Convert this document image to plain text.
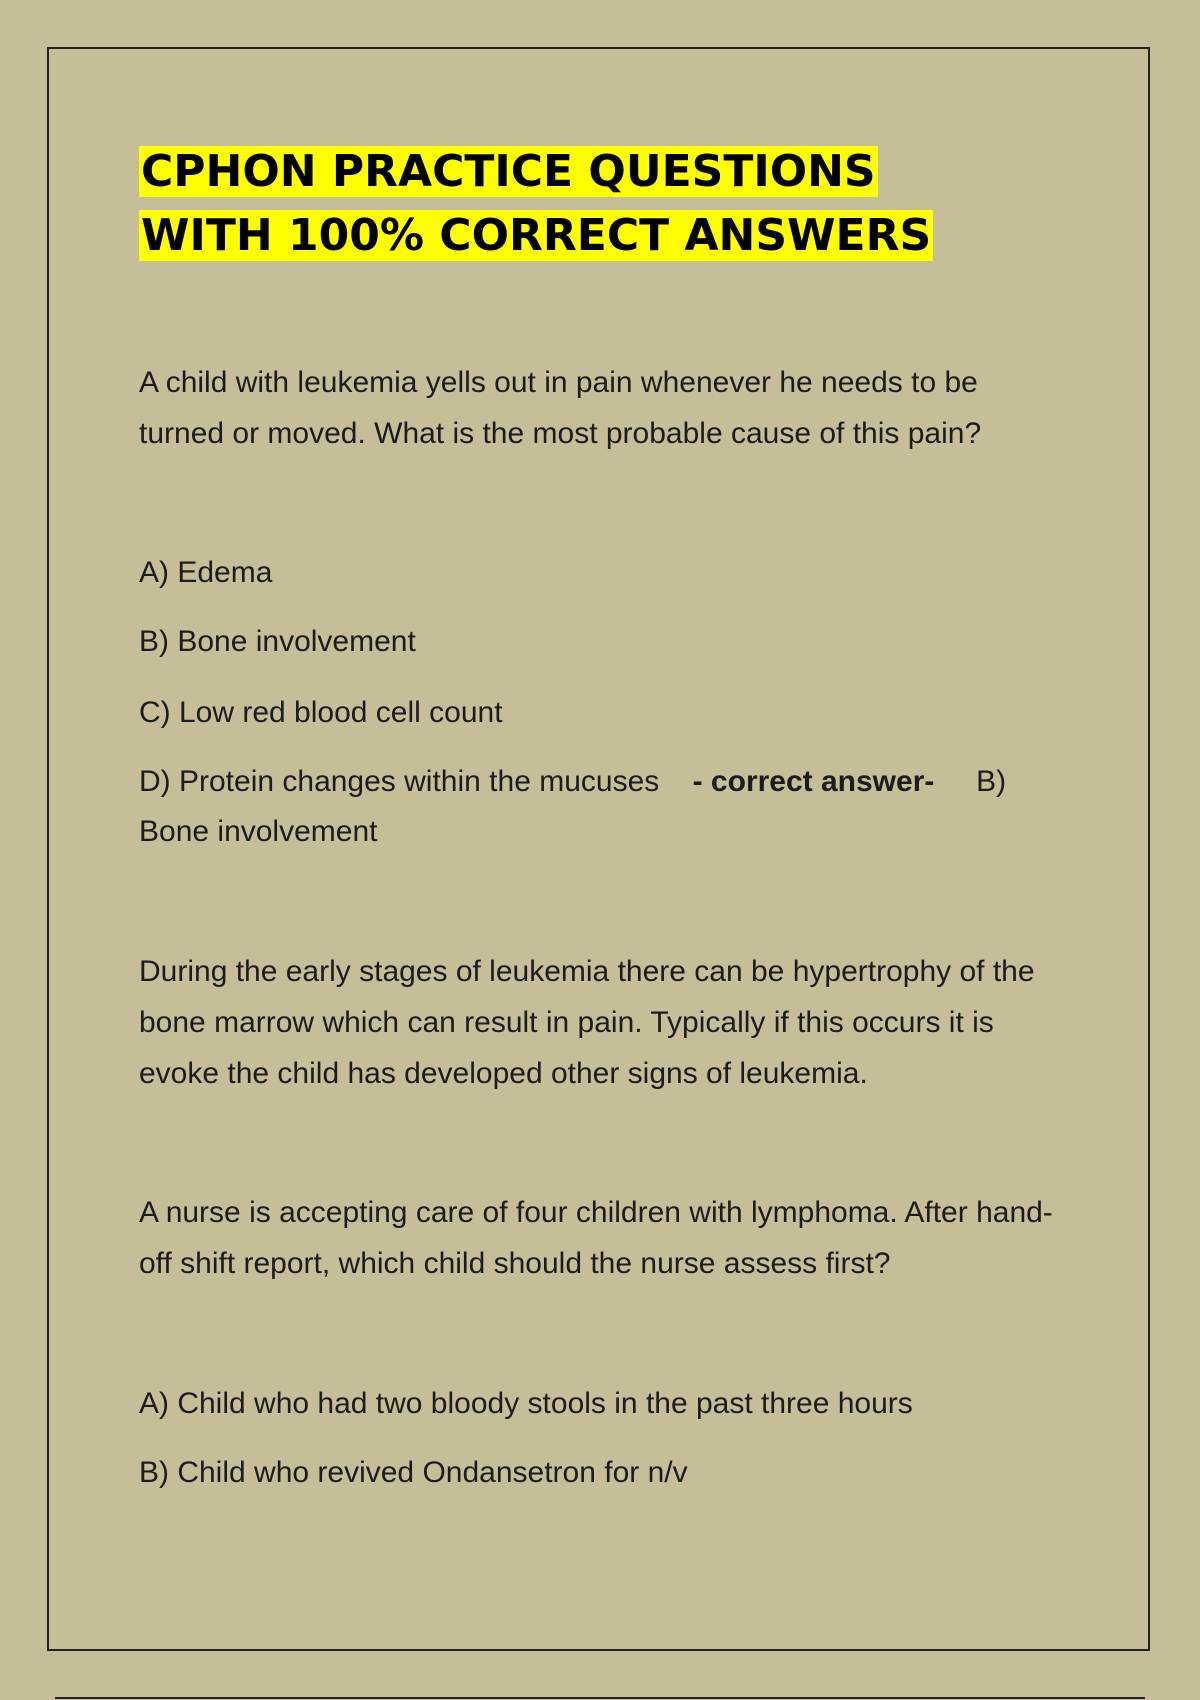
CPHON PRACTICE QUESTIONS
WITH 100% CORRECT ANSWERS

A child with leukemia yells out in pain whenever he needs to be turned or moved. What is the most probable cause of this pain?

A) Edema

B) Bone involvement

C) Low red blood cell count

D) Protein changes within the mucuses - correct answer- B) Bone involvement

During the early stages of leukemia there can be hypertrophy of the bone marrow which can result in pain. Typically if this occurs it is evoke the child has developed other signs of leukemia.

A nurse is accepting care of four children with lymphoma. After hand-off shift report, which child should the nurse assess first?

A) Child who had two bloody stools in the past three hours

B) Child who revived Ondansetron for n/v
